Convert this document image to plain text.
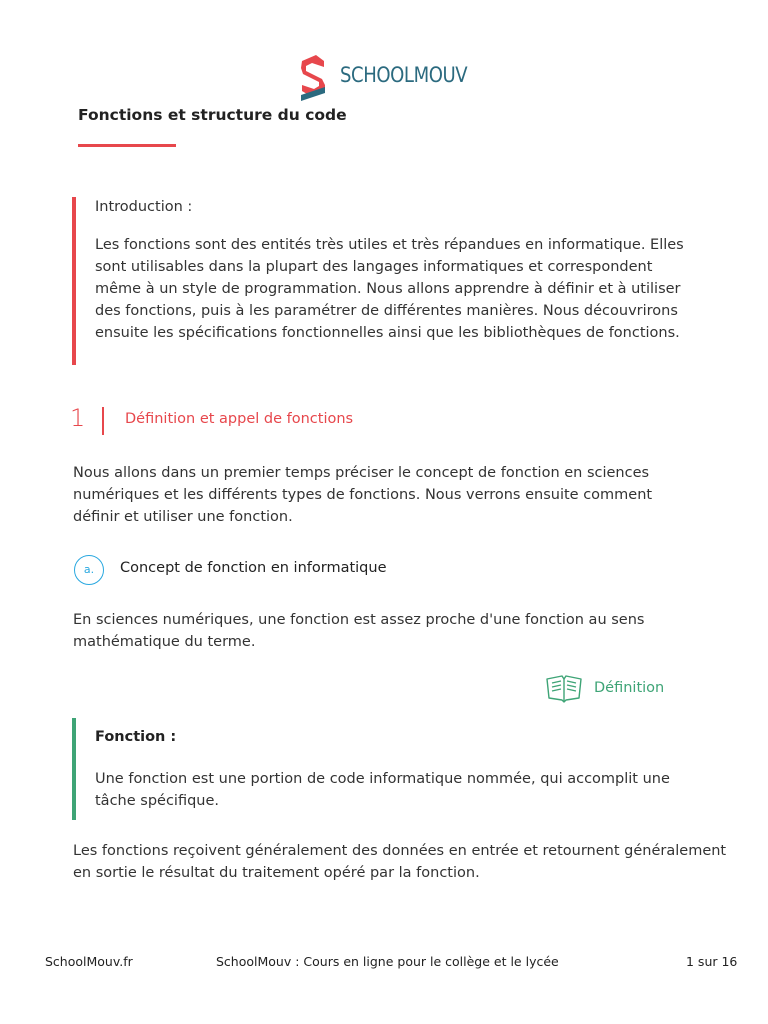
SCHOOLMOUV
Fonctions et structure du code
Introduction :
Les fonctions sont des entités très utiles et très répandues en informatique. Elles sont utilisables dans la plupart des langages informatiques et correspondent même à un style de programmation. Nous allons apprendre à définir et à utiliser des fonctions, puis à les paramétrer de différentes manières. Nous découvrirons ensuite les spécifications fonctionnelles ainsi que les bibliothèques de fonctions.
1	Définition et appel de fonctions
Nous allons dans un premier temps préciser le concept de fonction en sciences numériques et les différents types de fonctions. Nous verrons ensuite comment définir et utiliser une fonction.
a.	Concept de fonction en informatique
En sciences numériques, une fonction est assez proche d'une fonction au sens mathématique du terme.
Définition
Fonction :
Une fonction est une portion de code informatique nommée, qui accomplit une tâche spécifique.
Les fonctions reçoivent généralement des données en entrée et retournent généralement en sortie le résultat du traitement opéré par la fonction.
SchoolMouv.fr	SchoolMouv : Cours en ligne pour le collège et le lycée	1 sur 16
